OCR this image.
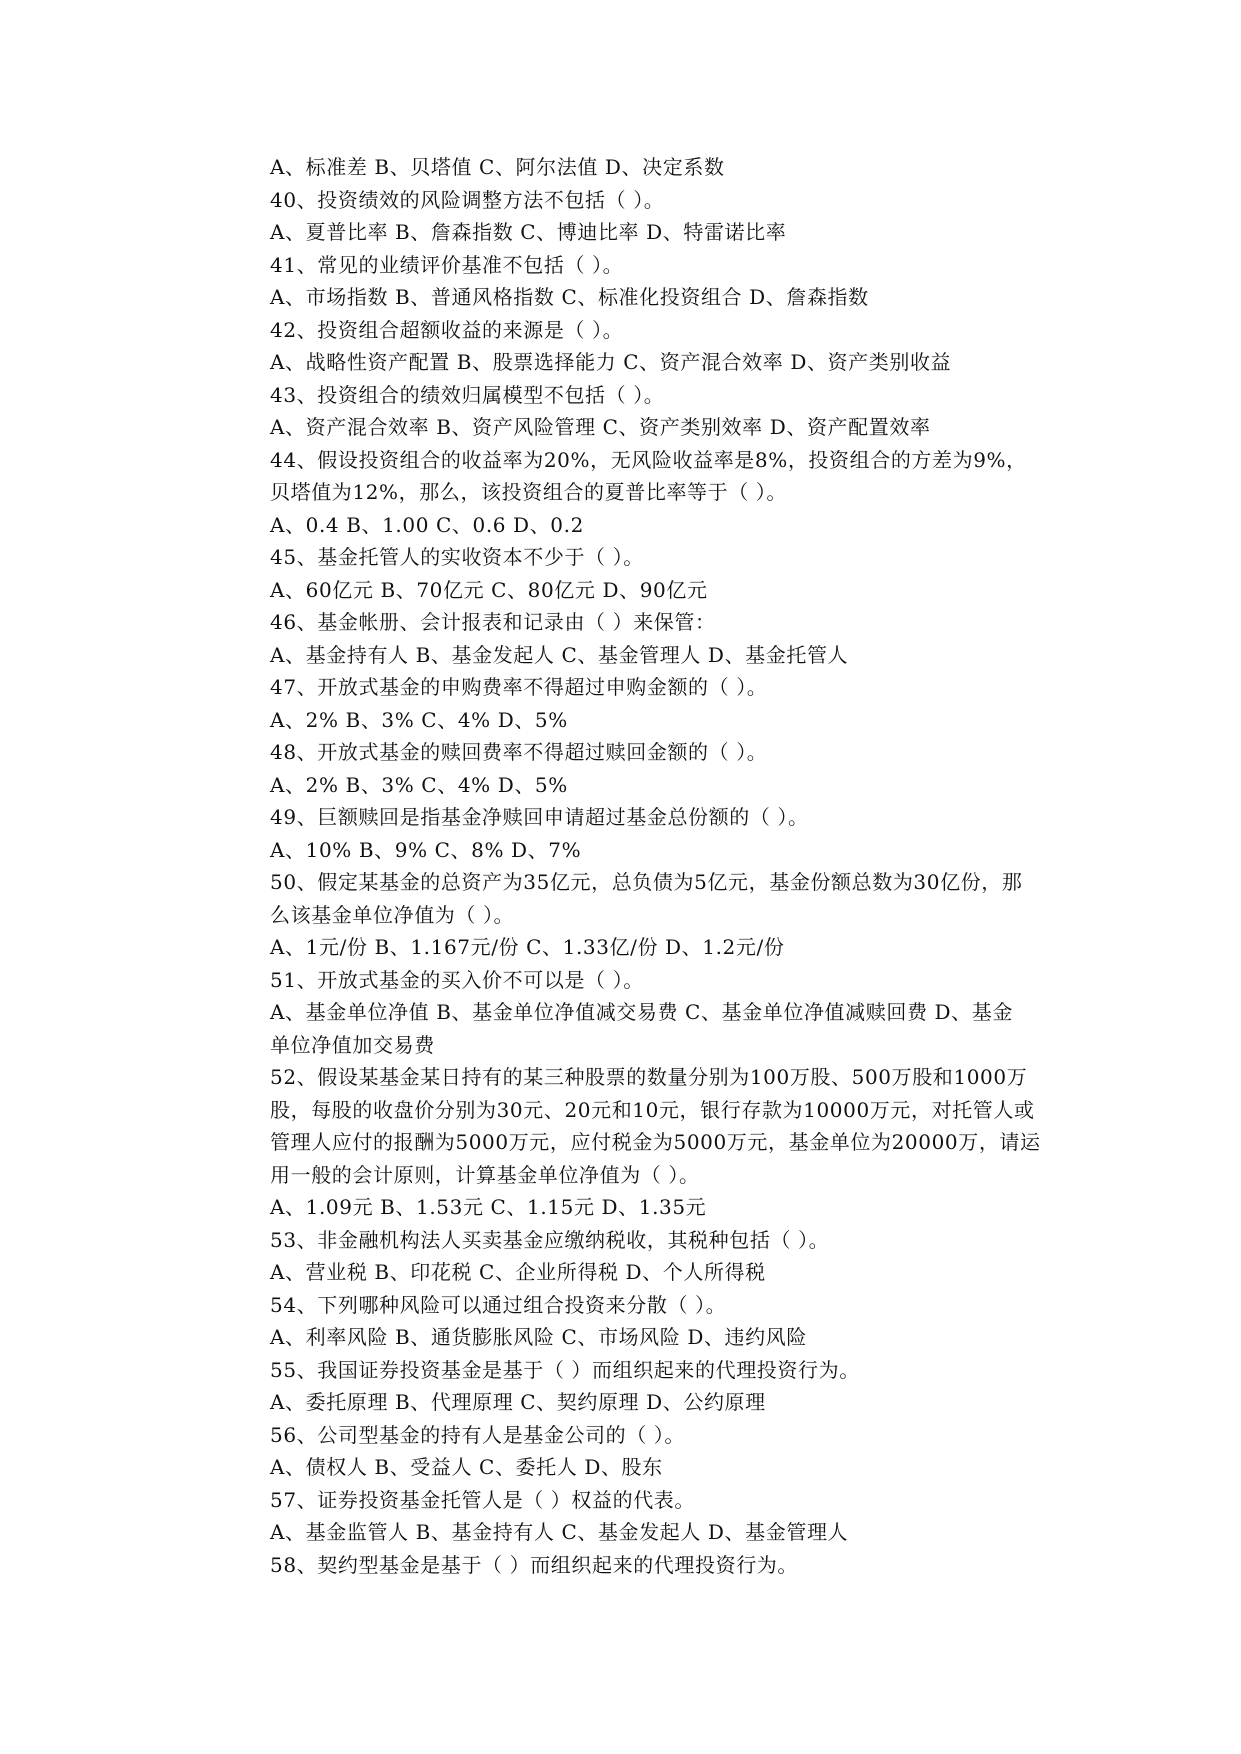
A、标准差 B、贝塔值 C、阿尔法值 D、决定系数

40、投资绩效的风险调整方法不包括（ ）。

A、夏普比率 B、詹森指数 C、博迪比率 D、特雷诺比率

41、常见的业绩评价基准不包括（ ）。

A、市场指数 B、普通风格指数 C、标准化投资组合 D、詹森指数

42、投资组合超额收益的来源是（ ）。

A、战略性资产配置 B、股票选择能力 C、资产混合效率 D、资产类别收益

43、投资组合的绩效归属模型不包括（ ）。

A、资产混合效率 B、资产风险管理 C、资产类别效率 D、资产配置效率

44、假设投资组合的收益率为20%，无风险收益率是8%，投资组合的方差为9%，

贝塔值为12%，那么，该投资组合的夏普比率等于（ ）。

A、0.4 B、1.00 C、0.6 D、0.2

45、基金托管人的实收资本不少于（ ）。

A、60亿元 B、70亿元 C、80亿元 D、90亿元

46、基金帐册、会计报表和记录由（ ）来保管：

A、基金持有人 B、基金发起人 C、基金管理人 D、基金托管人

47、开放式基金的申购费率不得超过申购金额的（ ）。

A、2% B、3% C、4% D、5%

48、开放式基金的赎回费率不得超过赎回金额的（ ）。

A、2% B、3% C、4% D、5%

49、巨额赎回是指基金净赎回申请超过基金总份额的（ ）。

A、10% B、9% C、8% D、7%

50、假定某基金的总资产为35亿元，总负债为5亿元，基金份额总数为30亿份，那

么该基金单位净值为（ ）。

A、1元/份 B、1.167元/份 C、1.33亿/份 D、1.2元/份

51、开放式基金的买入价不可以是（ ）。

A、基金单位净值 B、基金单位净值减交易费 C、基金单位净值减赎回费 D、基金

单位净值加交易费

52、假设某基金某日持有的某三种股票的数量分别为100万股、500万股和1000万

股，每股的收盘价分别为30元、20元和10元，银行存款为10000万元，对托管人或

管理人应付的报酬为5000万元，应付税金为5000万元，基金单位为20000万，请运

用一般的会计原则，计算基金单位净值为（ ）。

A、1.09元 B、1.53元 C、1.15元 D、1.35元

53、非金融机构法人买卖基金应缴纳税收，其税种包括（ ）。

A、营业税 B、印花税 C、企业所得税 D、个人所得税

54、下列哪种风险可以通过组合投资来分散（ ）。

A、利率风险 B、通货膨胀风险 C、市场风险 D、违约风险

55、我国证券投资基金是基于（ ）而组织起来的代理投资行为。

A、委托原理 B、代理原理 C、契约原理 D、公约原理

56、公司型基金的持有人是基金公司的（ ）。

A、债权人 B、受益人 C、委托人 D、股东

57、证券投资基金托管人是（ ）权益的代表。

A、基金监管人 B、基金持有人 C、基金发起人 D、基金管理人

58、契约型基金是基于（ ）而组织起来的代理投资行为。
